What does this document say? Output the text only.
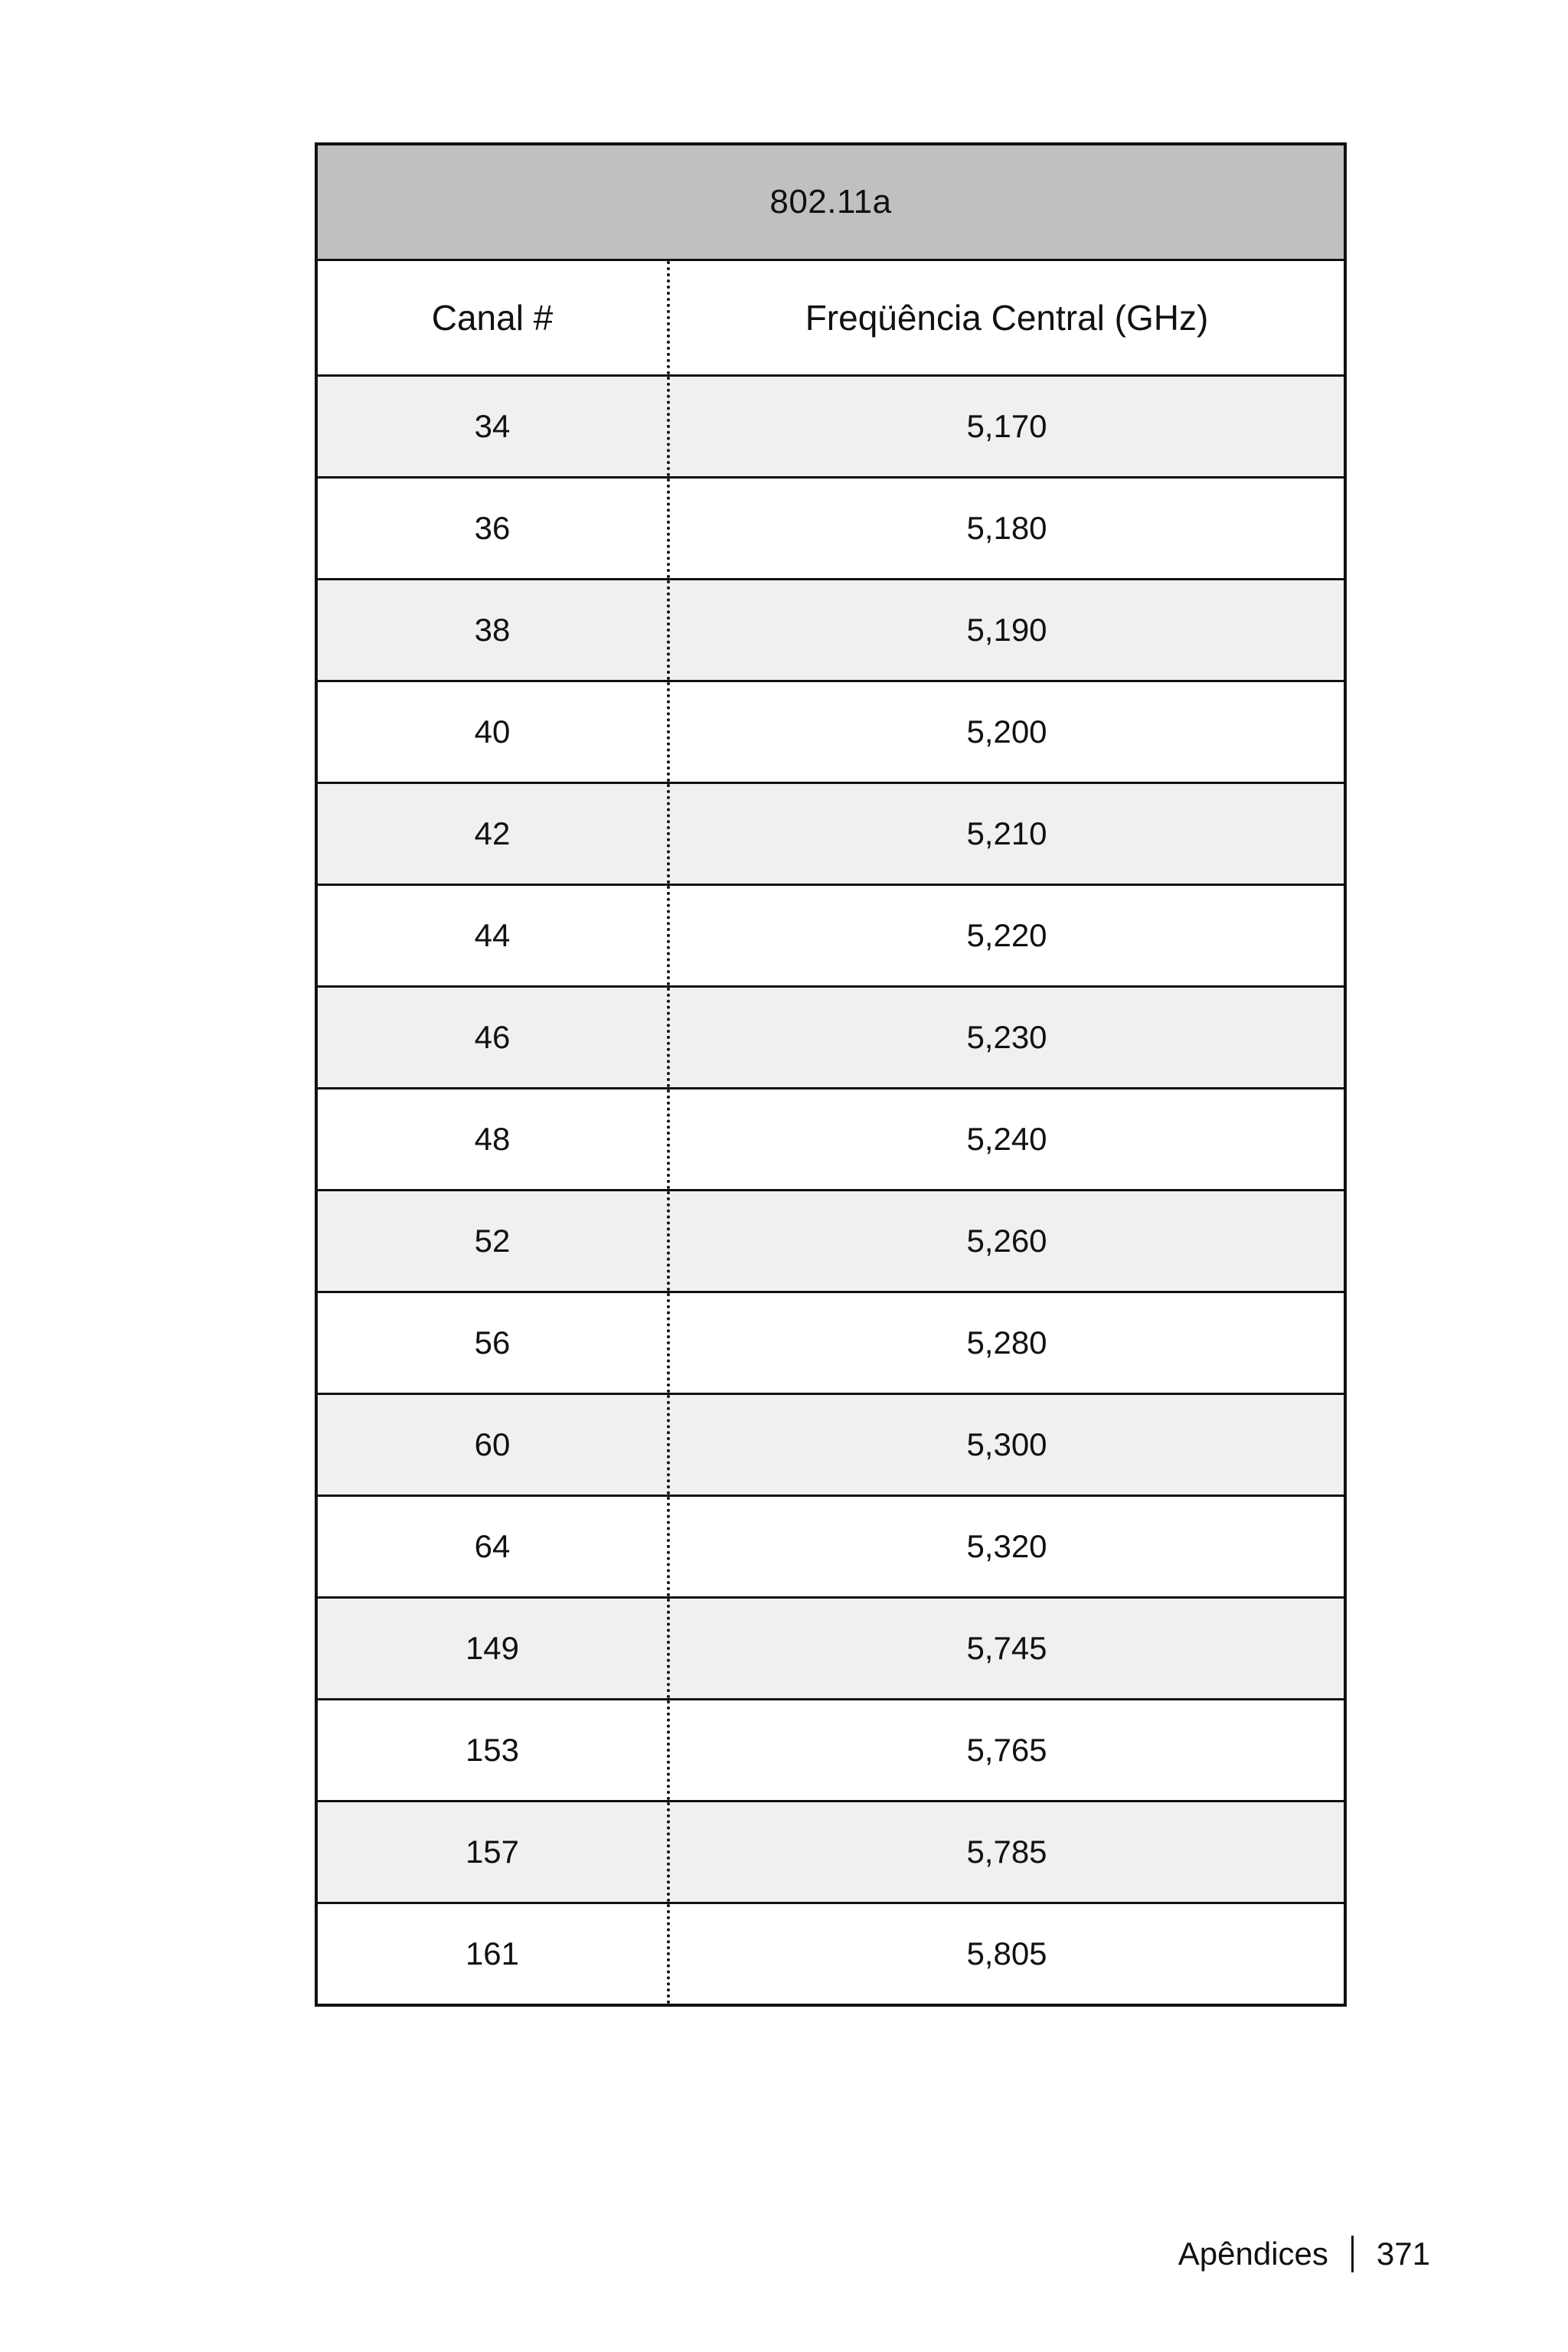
802.11a
Canal #	Freqüência Central (GHz)
34	5,170
36	5,180
38	5,190
40	5,200
42	5,210
44	5,220
46	5,230
48	5,240
52	5,260
56	5,280
60	5,300
64	5,320
149	5,745
153	5,765
157	5,785
161	5,805
Apêndices 371
